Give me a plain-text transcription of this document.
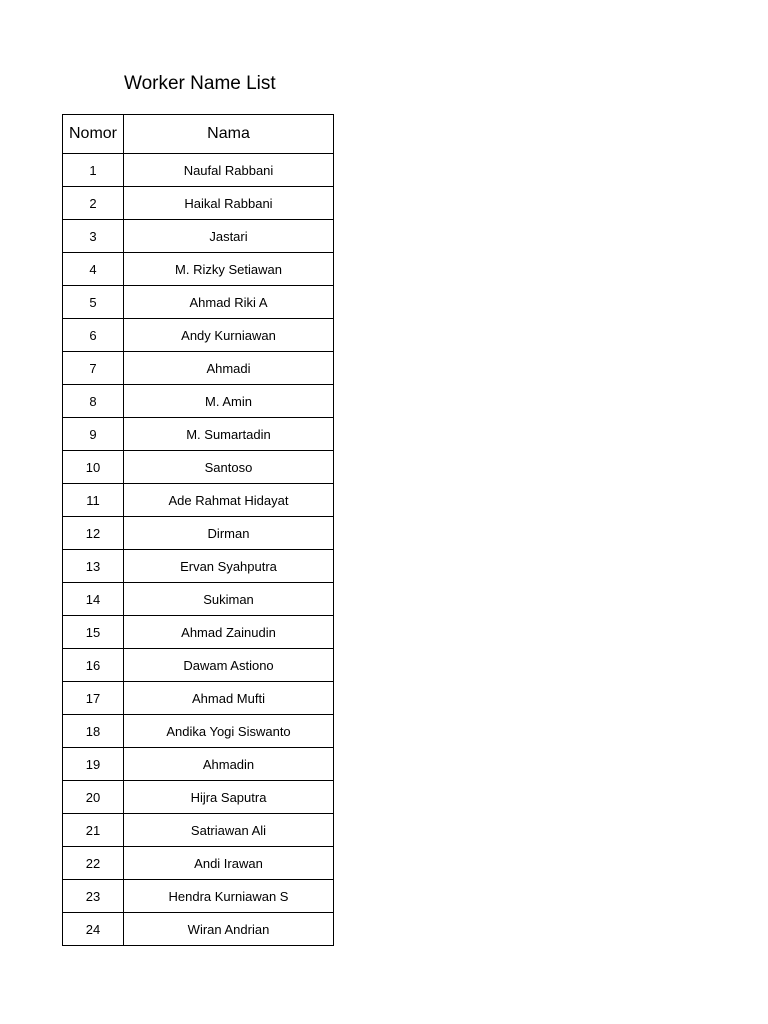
Worker Name List
Nomor	Nama
1	Naufal Rabbani
2	Haikal Rabbani
3	Jastari
4	M. Rizky Setiawan
5	Ahmad Riki A
6	Andy Kurniawan
7	Ahmadi
8	M. Amin
9	M. Sumartadin
10	Santoso
11	Ade Rahmat Hidayat
12	Dirman
13	Ervan Syahputra
14	Sukiman
15	Ahmad Zainudin
16	Dawam Astiono
17	Ahmad Mufti
18	Andika Yogi Siswanto
19	Ahmadin
20	Hijra Saputra
21	Satriawan Ali
22	Andi Irawan
23	Hendra Kurniawan S
24	Wiran Andrian
